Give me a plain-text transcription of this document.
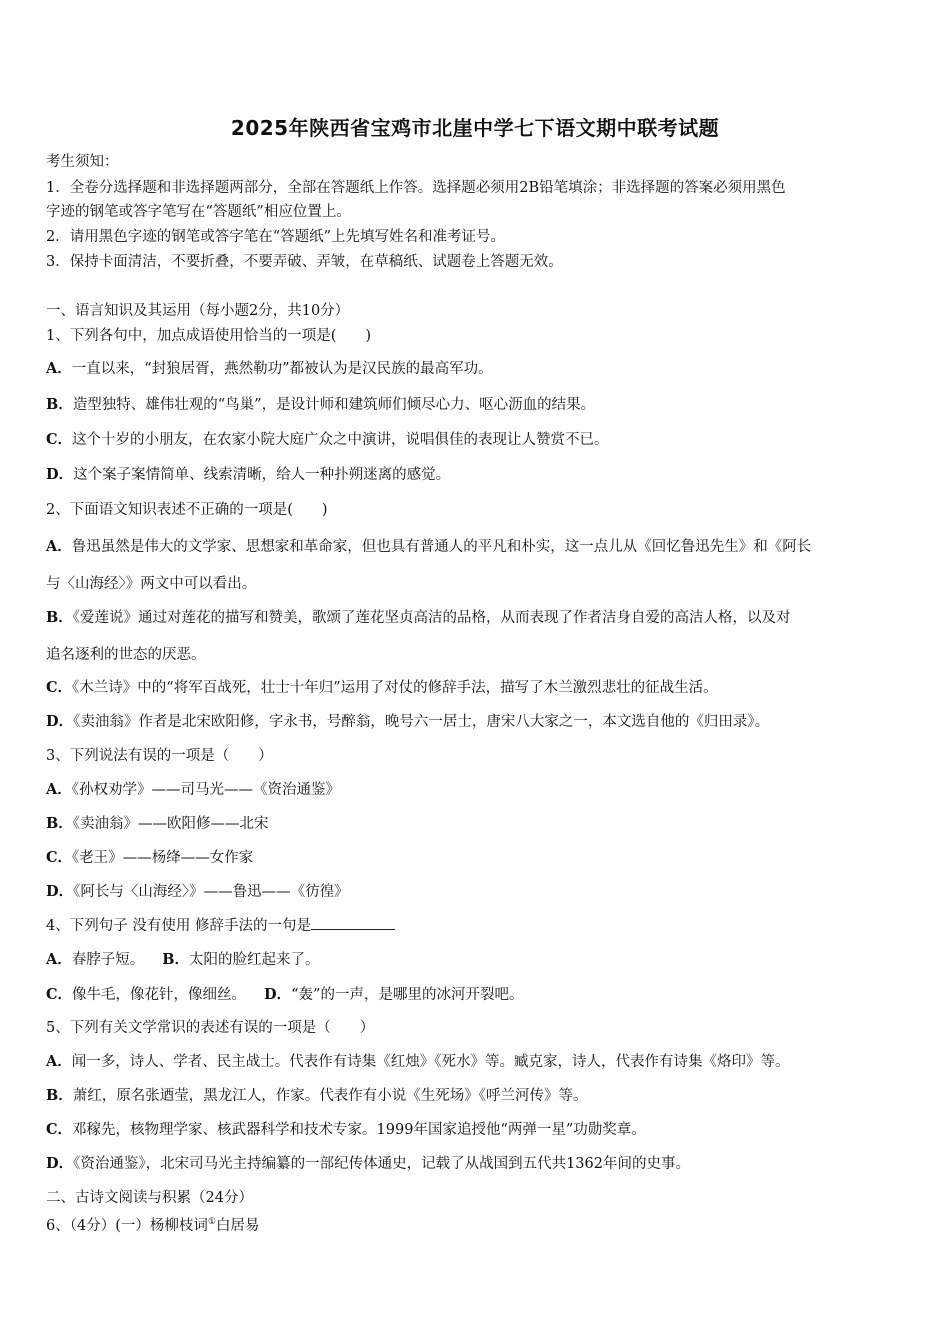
2025年陕西省宝鸡市北崖中学七下语文期中联考试题
考生须知：
1．全卷分选择题和非选择题两部分，全部在答题纸上作答。选择题必须用2B铅笔填涂；非选择题的答案必须用黑色
字迹的钢笔或答字笔写在“答题纸”相应位置上。
2．请用黑色字迹的钢笔或答字笔在“答题纸”上先填写姓名和准考证号。
3．保持卡面清洁，不要折叠，不要弄破、弄皱，在草稿纸、试题卷上答题无效。
一、语言知识及其运用（每小题2分，共10分）
1、下列各句中，加点成语使用恰当的一项是(　　)
A．一直以来，“封狼居胥，燕然勒功”都被认为是汉民族的最高军功。
B．造型独特、雄伟壮观的“鸟巢”，是设计师和建筑师们倾尽心力、呕心沥血的结果。
C．这个十岁的小朋友，在农家小院大庭广众之中演讲，说唱俱佳的表现让人赞赏不已。
D．这个案子案情简单、线索清晰，给人一种扑朔迷离的感觉。
2、下面语文知识表述不正确的一项是(　　)
A．鲁迅虽然是伟大的文学家、思想家和革命家，但也具有普通人的平凡和朴实，这一点儿从《回忆鲁迅先生》和《阿长
与〈山海经〉》两文中可以看出。
B．《爱莲说》通过对莲花的描写和赞美，歌颂了莲花坚贞高洁的品格，从而表现了作者洁身自爱的高洁人格，以及对
追名逐利的世态的厌恶。
C．《木兰诗》中的“将军百战死，壮士十年归”运用了对仗的修辞手法，描写了木兰激烈悲壮的征战生活。
D．《卖油翁》作者是北宋欧阳修，字永书，号醉翁，晚号六一居士，唐宋八大家之一，本文选自他的《归田录》。
3、下列说法有误的一项是（　　）
A．《孙权劝学》——司马光——《资治通鉴》
B．《卖油翁》——欧阳修——北宋
C．《老王》——杨绛——女作家
D．《阿长与〈山海经〉》——鲁迅——《彷徨》
4、下列句子 没有使用 修辞手法的一句是
A．春脖子短。 B．太阳的脸红起来了。
C．像牛毛，像花针，像细丝。 D．“轰”的一声，是哪里的冰河开裂吧。
5、下列有关文学常识的表述有误的一项是（　　）
A．闻一多，诗人、学者、民主战士。代表作有诗集《红烛》《死水》等。臧克家，诗人，代表作有诗集《烙印》等。
B．萧红，原名张迺莹，黑龙江人，作家。代表作有小说《生死场》《呼兰河传》等。
C．邓稼先，核物理学家、核武器科学和技术专家。1999年国家追授他“两弹一星”功勋奖章。
D．《资治通鉴》，北宋司马光主持编纂的一部纪传体通史，记载了从战国到五代共1362年间的史事。
二、古诗文阅读与积累（24分）
6、（4分）(一）杨柳枝词①白居易
